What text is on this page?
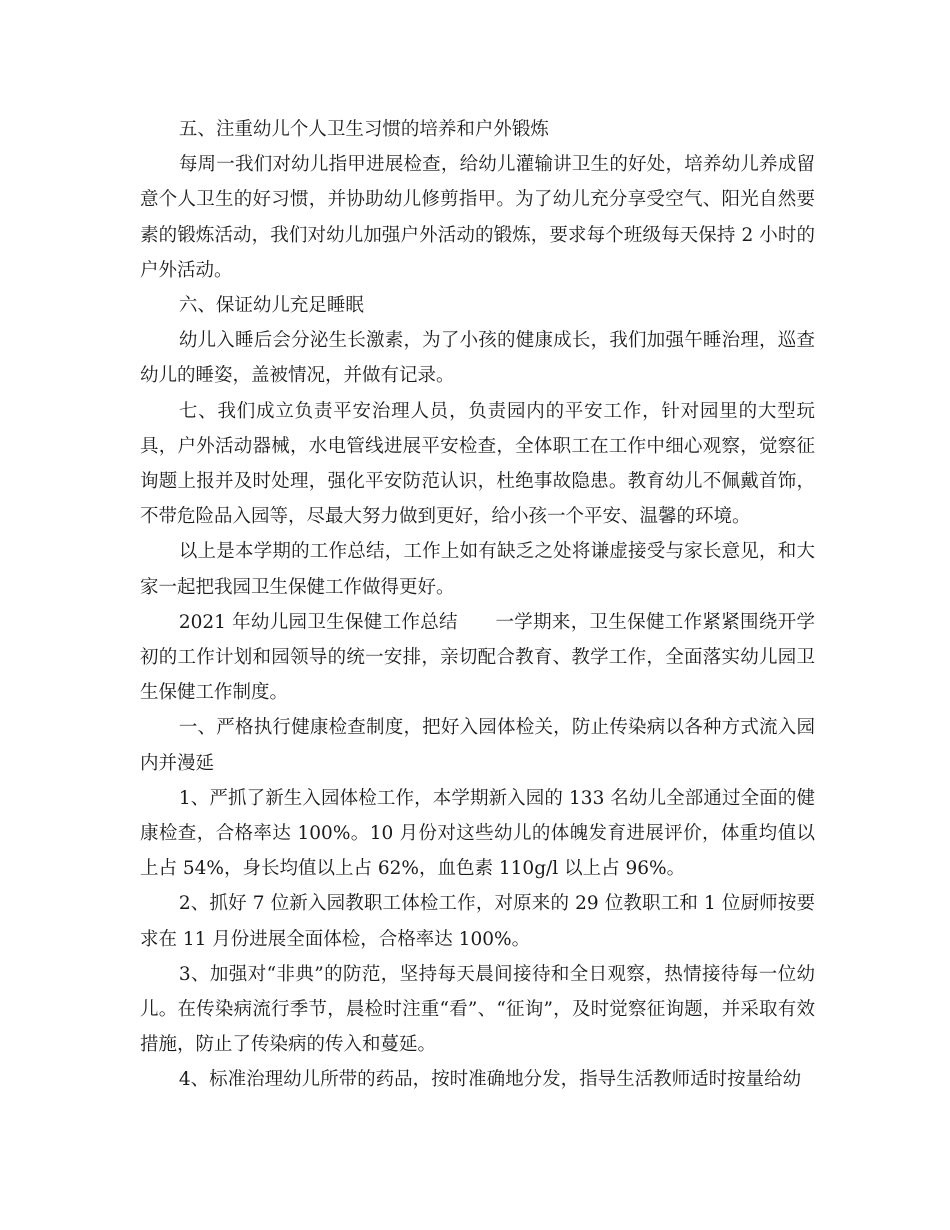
五、注重幼儿个人卫生习惯的培养和户外锻炼

每周一我们对幼儿指甲进展检查，给幼儿灌输讲卫生的好处，培养幼儿养成留意个人卫生的好习惯，并协助幼儿修剪指甲。为了幼儿充分享受空气、阳光自然要素的锻炼活动，我们对幼儿加强户外活动的锻炼，要求每个班级每天保持 2 小时的户外活动。

六、保证幼儿充足睡眠

幼儿入睡后会分泌生长激素，为了小孩的健康成长，我们加强午睡治理，巡查幼儿的睡姿，盖被情况，并做有记录。

七、我们成立负责平安治理人员，负责园内的平安工作，针对园里的大型玩具，户外活动器械，水电管线进展平安检查，全体职工在工作中细心观察，觉察征询题上报并及时处理，强化平安防范认识，杜绝事故隐患。教育幼儿不佩戴首饰，不带危险品入园等，尽最大努力做到更好，给小孩一个平安、温馨的环境。

以上是本学期的工作总结，工作上如有缺乏之处将谦虚接受与家长意见，和大家一起把我园卫生保健工作做得更好。

2021 年幼儿园卫生保健工作总结　　一学期来，卫生保健工作紧紧围绕开学初的工作计划和园领导的统一安排，亲切配合教育、教学工作，全面落实幼儿园卫生保健工作制度。

一、严格执行健康检查制度，把好入园体检关，防止传染病以各种方式流入园内并漫延

1、严抓了新生入园体检工作，本学期新入园的 133 名幼儿全部通过全面的健康检查，合格率达 100%。10 月份对这些幼儿的体魄发育进展评价，体重均值以上占 54%，身长均值以上占 62%，血色素 110g/l 以上占 96%。

2、抓好 7 位新入园教职工体检工作，对原来的 29 位教职工和 1 位厨师按要求在 11 月份进展全面体检，合格率达 100%。

3、加强对“非典”的防范，坚持每天晨间接待和全日观察，热情接待每一位幼儿。在传染病流行季节，晨检时注重“看”、“征询”，及时觉察征询题，并采取有效措施，防止了传染病的传入和蔓延。

4、标准治理幼儿所带的药品，按时准确地分发，指导生活教师适时按量给幼
